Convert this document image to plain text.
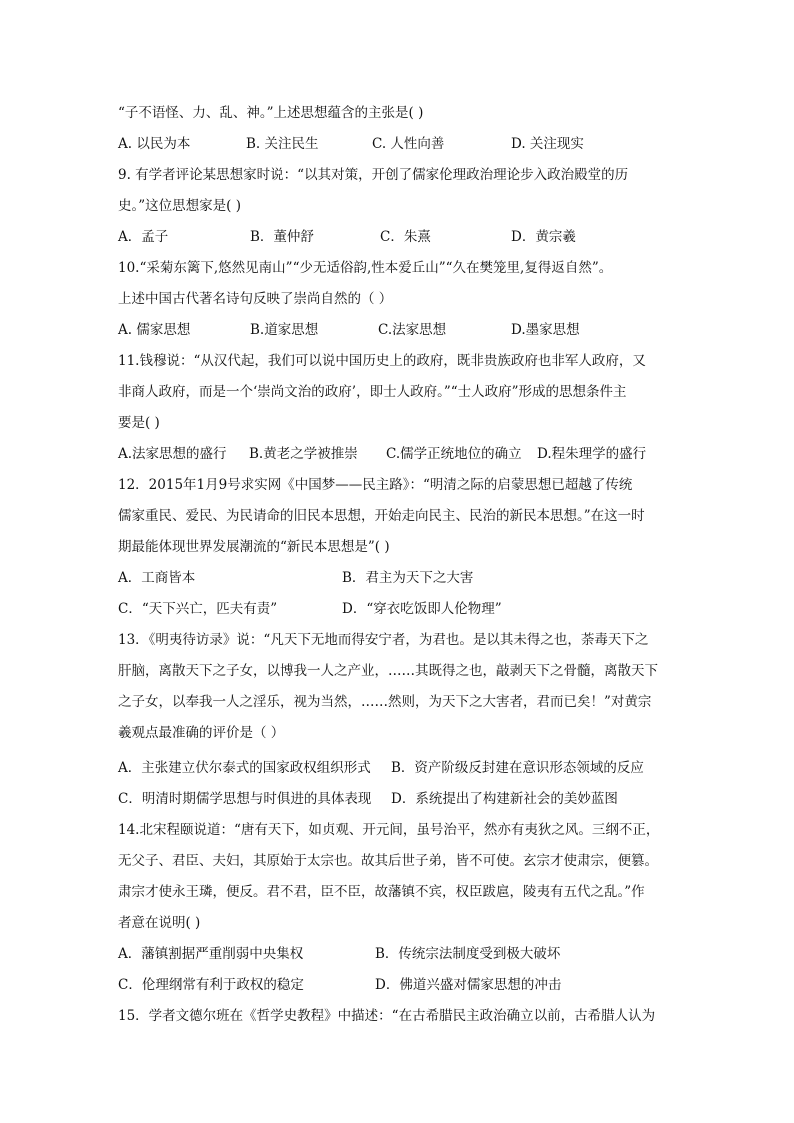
“子不语怪、力、乱、神。”上述思想蕴含的主张是( )
A. 以民为本	B. 关注民生	C. 人性向善	D. 关注现实
9. 有学者评论某思想家时说：“以其对策，开创了儒家伦理政治理论步入政治殿堂的历
史。”这位思想家是( )
A．孟子	B．董仲舒	C．朱熹	D．黄宗羲
10.“采菊东篱下,悠然见南山”“少无适俗韵,性本爱丘山”“久在樊笼里,复得返自然”。
上述中国古代著名诗句反映了崇尚自然的（ ）
A. 儒家思想	B.道家思想	C.法家思想	D.墨家思想
11.钱穆说：“从汉代起，我们可以说中国历史上的政府，既非贵族政府也非军人政府，又
非商人政府，而是一个‘崇尚文治的政府’，即士人政府。”“士人政府”形成的思想条件主
要是( )
A.法家思想的盛行 B.黄老之学被推崇 C.儒学正统地位的确立 D.程朱理学的盛行
12．2015年1月9号求实网《中国梦——民主路》：“明清之际的启蒙思想已超越了传统
儒家重民、爱民、为民请命的旧民本思想，开始走向民主、民治的新民本思想。”在这一时
期最能体现世界发展潮流的“新民本思想是”( )
A．工商皆本	B．君主为天下之大害
C．“天下兴亡，匹夫有责”	D．“穿衣吃饭即人伦物理”
13．《明夷待访录》说：“凡天下无地而得安宁者，为君也。是以其未得之也，荼毒天下之
肝脑，离散天下之子女，以博我一人之产业，……其既得之也，敲剥天下之骨髓，离散天下
之子女，以奉我一人之淫乐，视为当然，……然则，为天下之大害者，君而已矣！”对黄宗
羲观点最准确的评价是（ ）
A．主张建立伏尔泰式的国家政权组织形式 B．资产阶级反封建在意识形态领域的反应
C．明清时期儒学思想与时俱进的具体表现 D．系统提出了构建新社会的美妙蓝图
14.北宋程颐说道：“唐有天下，如贞观、开元间，虽号治平，然亦有夷狄之风。三纲不正，
无父子、君臣、夫妇，其原始于太宗也。故其后世子弟，皆不可使。玄宗才使肃宗，便篡。
肃宗才使永王璘，便反。君不君，臣不臣，故藩镇不宾，权臣跋扈，陵夷有五代之乱。”作
者意在说明( )
A．藩镇割据严重削弱中央集权	B．传统宗法制度受到极大破坏
C．伦理纲常有利于政权的稳定	D．佛道兴盛对儒家思想的冲击
15．学者文德尔班在《哲学史教程》中描述：“在古希腊民主政治确立以前，古希腊人认为
